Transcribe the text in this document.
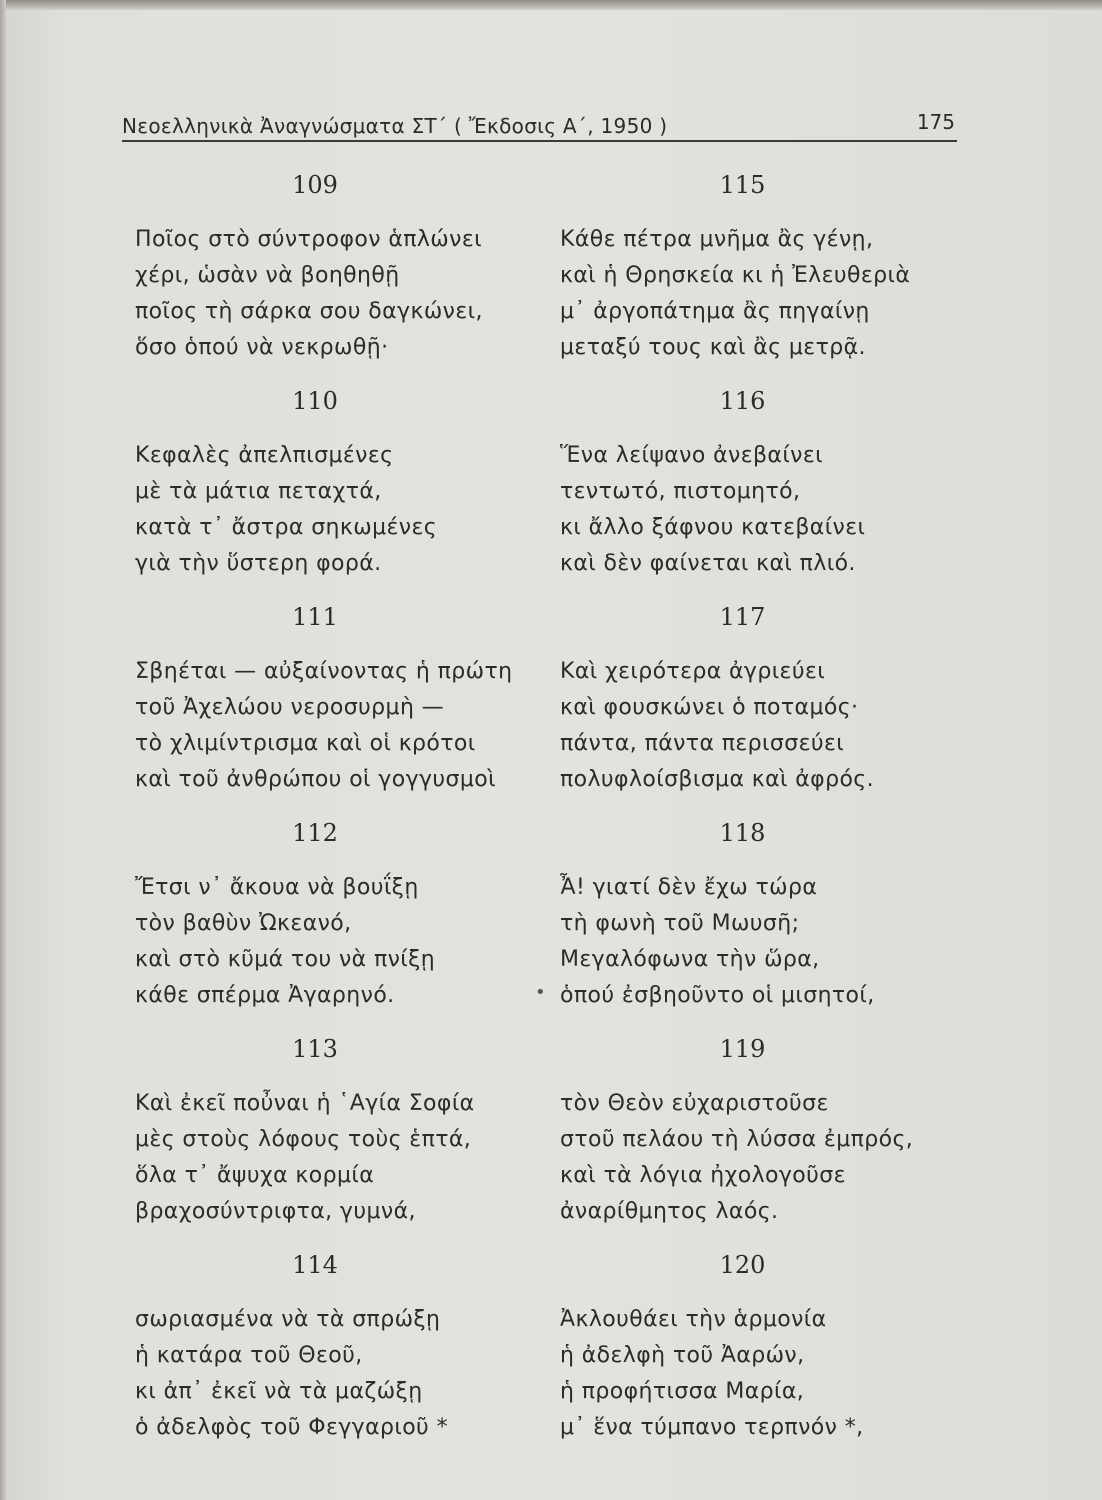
Νεοελληνικὰ Ἀναγνώσματα ΣΤ΄ ( Ἔκδοσις Α΄, 1950 )	175
109
Ποῖος στὸ σύντροφον ἁπλώνει
χέρι, ὡσὰν νὰ βοηθηθῇ
ποῖος τὴ σάρκα σου δαγκώνει,
ὅσο ὁπού νὰ νεκρωθῇ·
110
Κεφαλὲς ἀπελπισμένες
μὲ τὰ μάτια πεταχτά,
κατὰ τ᾿ ἄστρα σηκωμένες
γιὰ τὴν ὕστερη φορά.
111
Σβηέται — αὐξαίνοντας ἡ πρώτη
τοῦ Ἀχελώου νεροσυρμὴ —
τὸ χλιμίντρισμα καὶ οἱ κρότοι
καὶ τοῦ ἀνθρώπου οἱ γογγυσμοὶ
112
Ἔτσι ν᾿ ἄκουα νὰ βουΐξῃ
τὸν βαθὺν Ὠκεανό,
καὶ στὸ κῦμά του νὰ πνίξῃ
κάθε σπέρμα Ἀγαρηνό.
113
Καὶ ἐκεῖ ποὖναι ἡ ῾Αγία Σοφία
μὲς στοὺς λόφους τοὺς ἑπτά,
ὅλα τ᾿ ἄψυχα κορμία
βραχοσύντριφτα, γυμνά,
114
σωριασμένα νὰ τὰ σπρώξῃ
ἡ κατάρα τοῦ Θεοῦ,
κι ἀπ᾿ ἐκεῖ νὰ τὰ μαζώξῃ
ὁ ἀδελφὸς τοῦ Φεγγαριοῦ *
115
Κάθε πέτρα μνῆμα ἂς γένῃ,
καὶ ἡ Θρησκεία κι ἡ Ἐλευθεριὰ
μ᾿ ἀργοπάτημα ἂς πηγαίνῃ
μεταξύ τους καὶ ἂς μετρᾷ.
116
Ἕνα λείψανο ἀνεβαίνει
τεντωτό, πιστομητό,
κι ἄλλο ξάφνου κατεβαίνει
καὶ δὲν φαίνεται καὶ πλιό.
117
Καὶ χειρότερα ἀγριεύει
καὶ φουσκώνει ὁ ποταμός·
πάντα, πάντα περισσεύει
πολυφλοίσβισμα καὶ ἀφρός.
118
Ἆ! γιατί δὲν ἔχω τώρα
τὴ φωνὴ τοῦ Μωυσῆ;
Μεγαλόφωνα τὴν ὥρα,
ὁπού ἐσβηοῦντο οἱ μισητοί,
119
τὸν Θεὸν εὐχαριστοῦσε
στοῦ πελάου τὴ λύσσα ἐμπρός,
καὶ τὰ λόγια ἠχολογοῦσε
ἀναρίθμητος λαός.
120
Ἀκλουθάει τὴν ἁρμονία
ἡ ἀδελφὴ τοῦ Ἀαρών,
ἡ προφήτισσα Μαρία,
μ᾿ ἕνα τύμπανο τερπνόν *,
•
